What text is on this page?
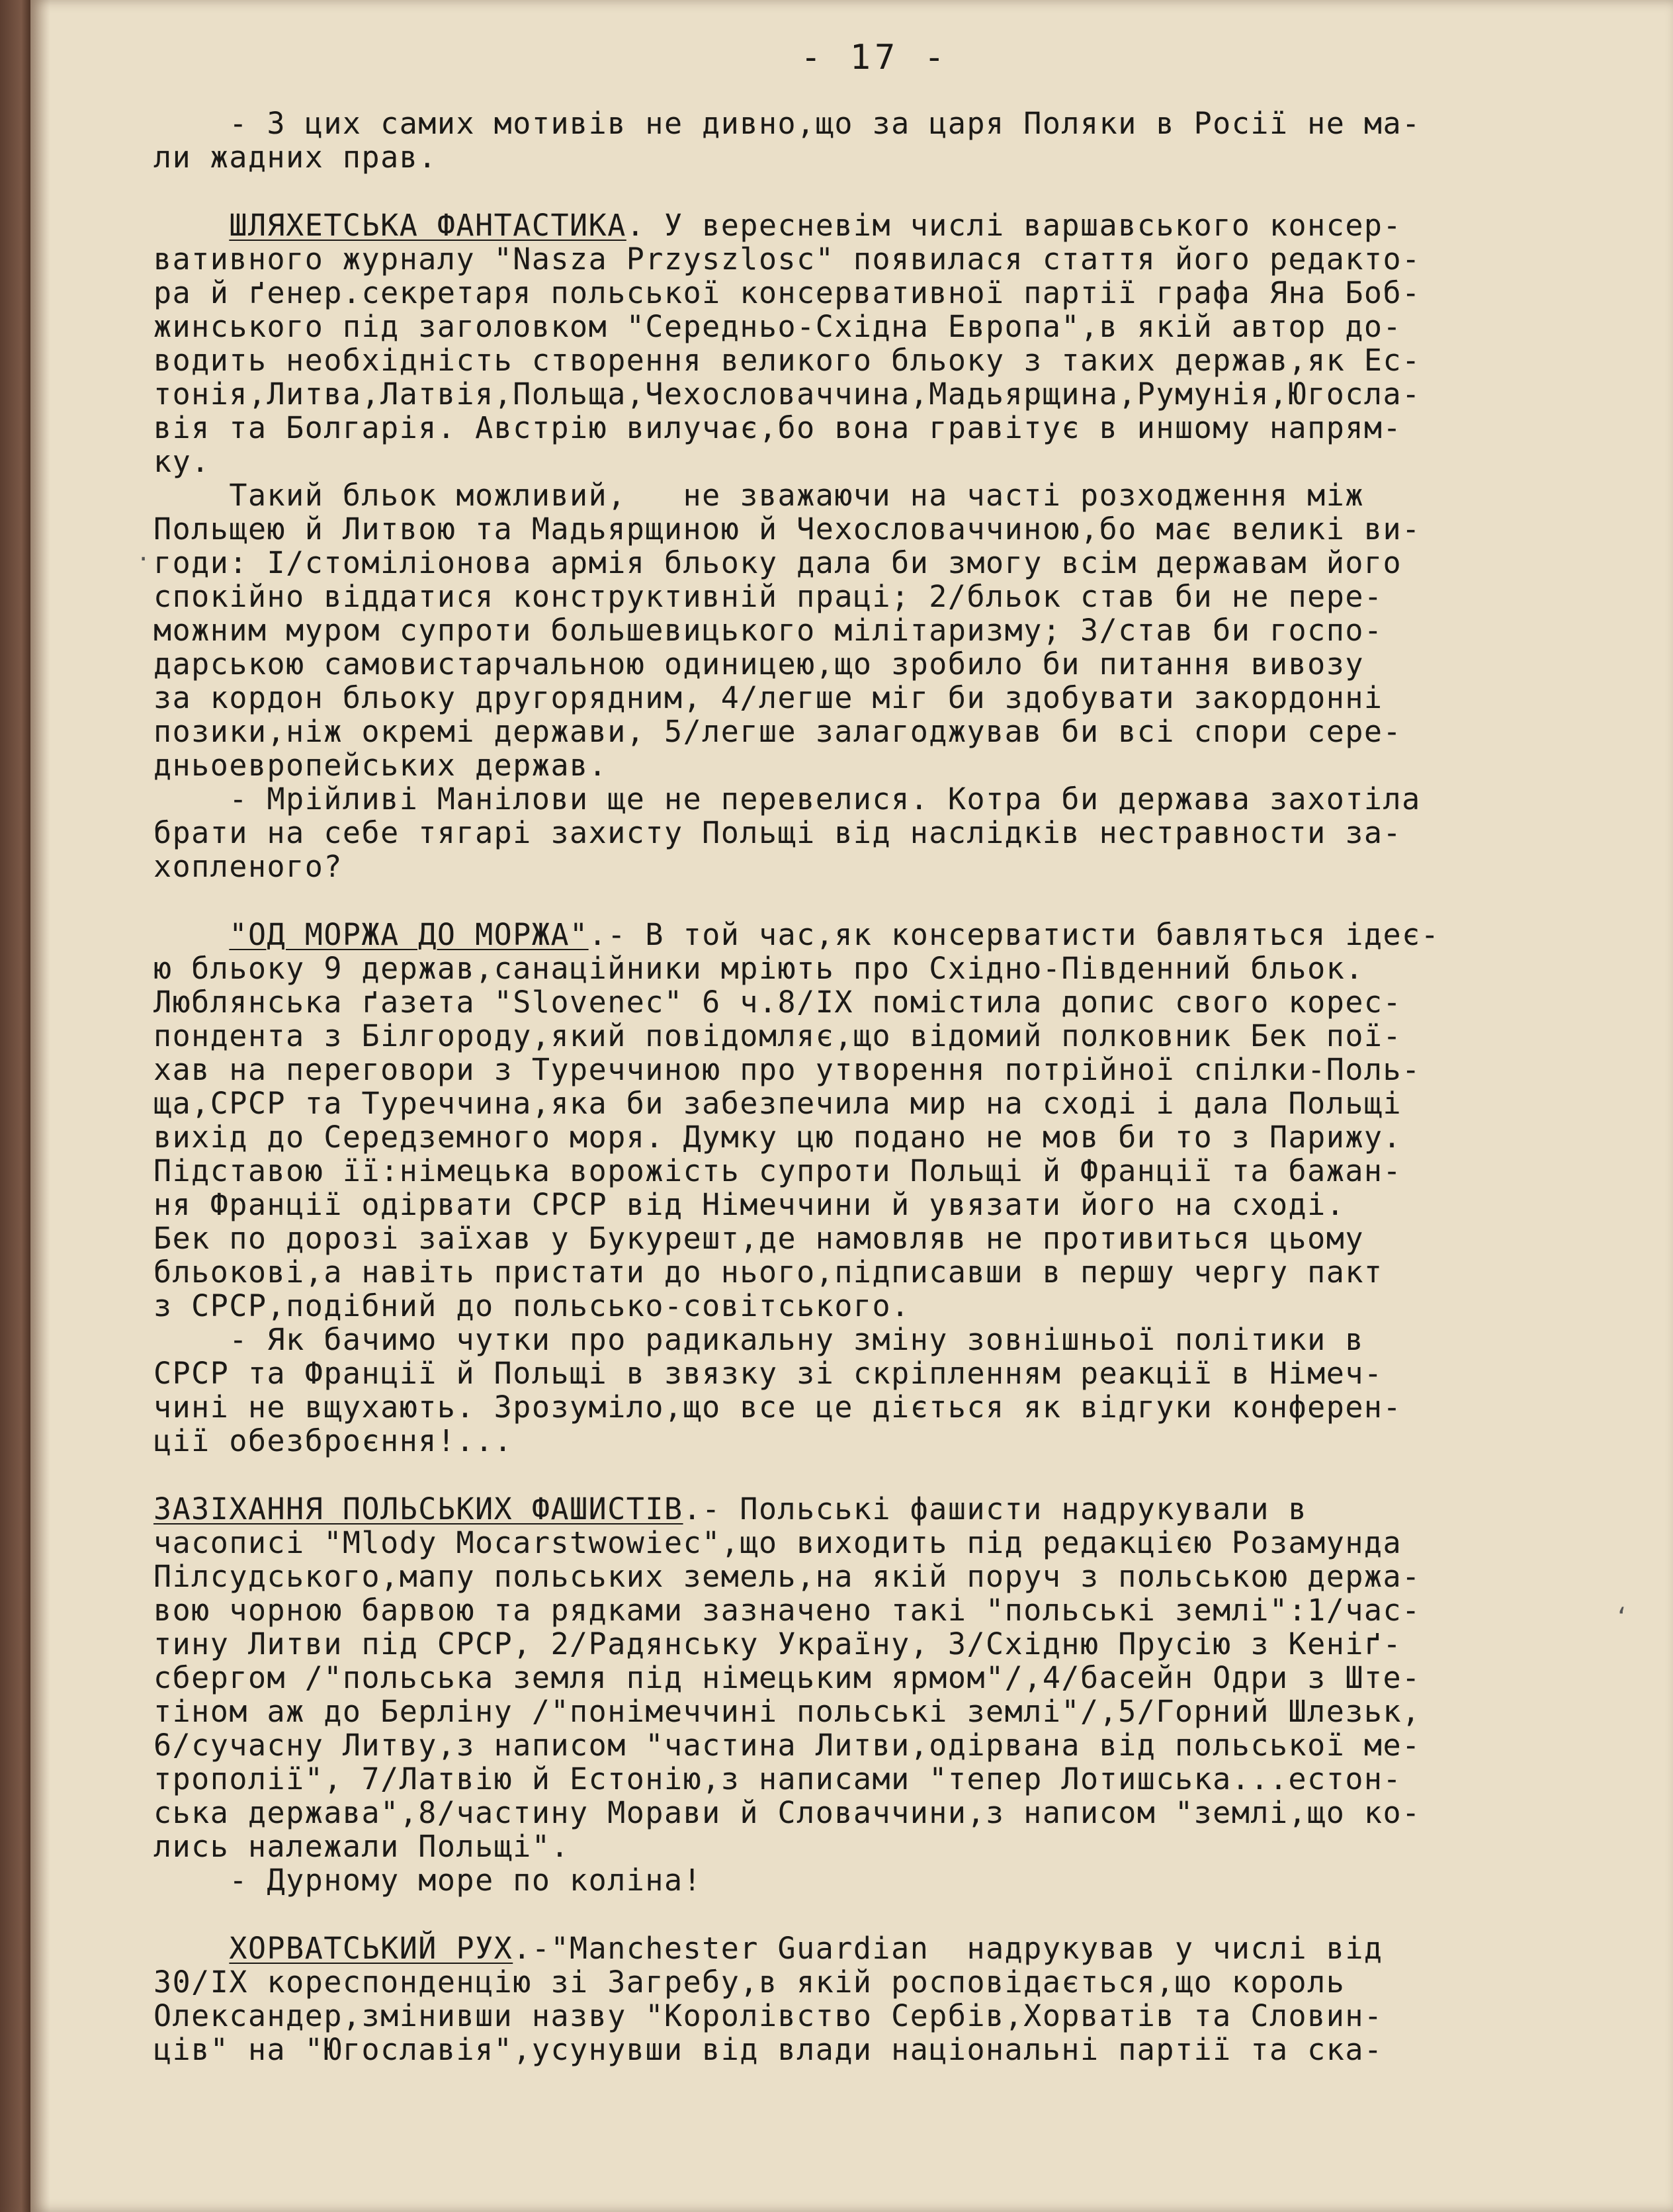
- 17 -
- З цих самих мотивів не дивно,що за царя Поляки в Росії не ма-
ли жадних прав.
ШЛЯХЕТСЬКА ФАНТАСТИКА. У вересневім числі варшавського консер-
вативного журналу "Nasza Przyszlosc" появилася стаття його редакто-
ра й ґенер.секретаря польської консервативної партії графа Яна Боб-
жинського під заголовком "Середньо-Східна Европа",в якій автор до-
водить необхідність створення великого бльоку з таких держав,як Ес-
тонія,Литва,Латвія,Польща,Чехословаччина,Мадьярщина,Румунія,Югосла-
вія та Болгарія. Австрію вилучає,бо вона гравітує в иншому напрям-
ку.
Такий бльок можливий,   не зважаючи на часті розходження між
Польщею й Литвою та Мадьярщиною й Чехословаччиною,бо має великі ви-
годи: I/стоміліонова армія бльоку дала би змогу всім державам його
спокійно віддатися конструктивній праці; 2/бльок став би не пере-
можним муром супроти большевицького мілітаризму; 3/став би госпо-
дарською самовистарчальною одиницею,що зробило би питання вивозу
за кордон бльоку другорядним, 4/легше міг би здобувати закордонні
позики,ніж окремі держави, 5/легше залагоджував би всі спори сере-
дньоевропейських держав.
- Мрійливі Манілови ще не перевелися. Котра би держава захотіла
брати на себе тягарі захисту Польщі від наслідків нестравности за-
хопленого?
"ОД МОРЖА ДО МОРЖА".- В той час,як консерватисти бавляться ідеє-
ю бльоку 9 держав,санаційники мріють про Східно-Південний бльок.
Люблянська ґазета "Slovenec" 6 ч.8/IX помістила допис свого корес-
пондента з Білгороду,який повідомляє,що відомий полковник Бек пої-
хав на переговори з Туреччиною про утворення потрійної спілки-Поль-
ща,СРСР та Туреччина,яка би забезпечила мир на сході і дала Польщі
вихід до Середземного моря. Думку цю подано не мов би то з Парижу.
Підставою її:німецька ворожість супроти Польщі й Франції та бажан-
ня Франції одірвати СРСР від Німеччини й увязати його на сході.
Бек по дорозі заїхав у Букурешт,де намовляв не противиться цьому
бльокові,а навіть пристати до нього,підписавши в першу чергу пакт
з СРСР,подібний до польсько-совітського.
- Як бачимо чутки про радикальну зміну зовнішньої політики в
СРСР та Франції й Польщі в звязку зі скріпленням реакції в Німеч-
чині не вщухають. Зрозуміло,що все це діється як відгуки конферен-
ції обезброєння!...
ЗАЗІХАННЯ ПОЛЬСЬКИХ ФАШИСТІВ.- Польські фашисти надрукували в
часописі "Mlody Mocarstwowiec",що виходить під редакцією Розамунда
Пілсудського,мапу польських земель,на якій поруч з польською держа-
вою чорною барвою та рядками зазначено такі "польські землі":1/час-
тину Литви під СРСР, 2/Радянську Україну, 3/Східню Прусію з Кеніґ-
сбергом /"польська земля під німецьким ярмом"/,4/басейн Одри з Ште-
тіном аж до Берліну /"понімеччині польські землі"/,5/Горний Шлезьк,
6/сучасну Литву,з написом "частина Литви,одірвана від польської ме-
трополії", 7/Латвію й Естонію,з написами "тепер Лотишська...eстон-
ська держава",8/частину Морави й Словаччини,з написом "землі,що ко-
лись належали Польщі".
- Дурному море по коліна!
ХОРВАТСЬКИЙ РУХ.-"Manchester Guardian  надрукував у числі від
30/IX кореспонденцію зі Загребу,в якій росповідається,що король
Олександер,змінивши назву "Королівство Сербів,Хорватів та Словин-
ців" на "Югославія",усунувши від влади національні партії та ска-
‘
·
